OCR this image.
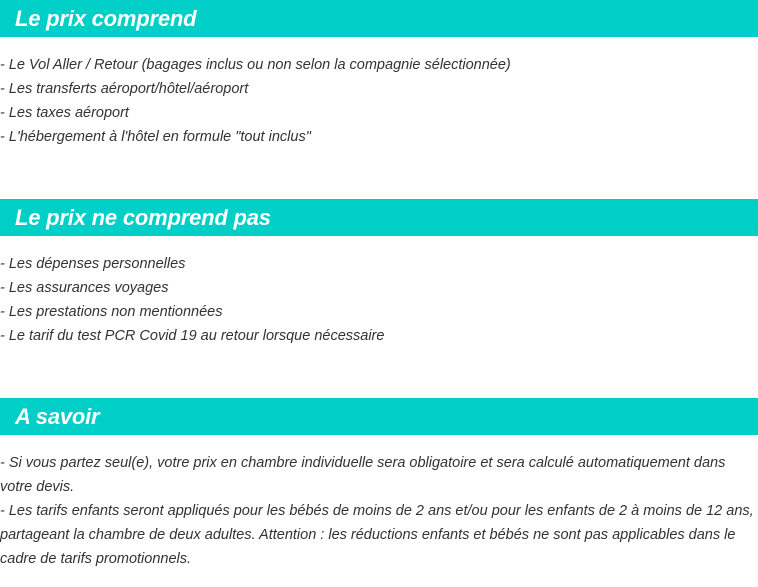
Le prix comprend
- Le Vol Aller / Retour (bagages inclus ou non selon la compagnie sélectionnée)
- Les transferts aéroport/hôtel/aéroport
- Les taxes aéroport
- L'hébergement à l'hôtel en formule "tout inclus"
Le prix ne comprend pas
- Les dépenses personnelles
- Les assurances voyages
- Les prestations non mentionnées
- Le tarif du test PCR Covid 19 au retour lorsque nécessaire
A savoir
- Si vous partez seul(e), votre prix en chambre individuelle sera obligatoire et sera calculé automatiquement dans votre devis.
- Les tarifs enfants seront appliqués pour les bébés de moins de 2 ans et/ou pour les enfants de 2 à moins de 12 ans, partageant la chambre de deux adultes. Attention : les réductions enfants et bébés ne sont pas applicables dans le cadre de tarifs promotionnels.
